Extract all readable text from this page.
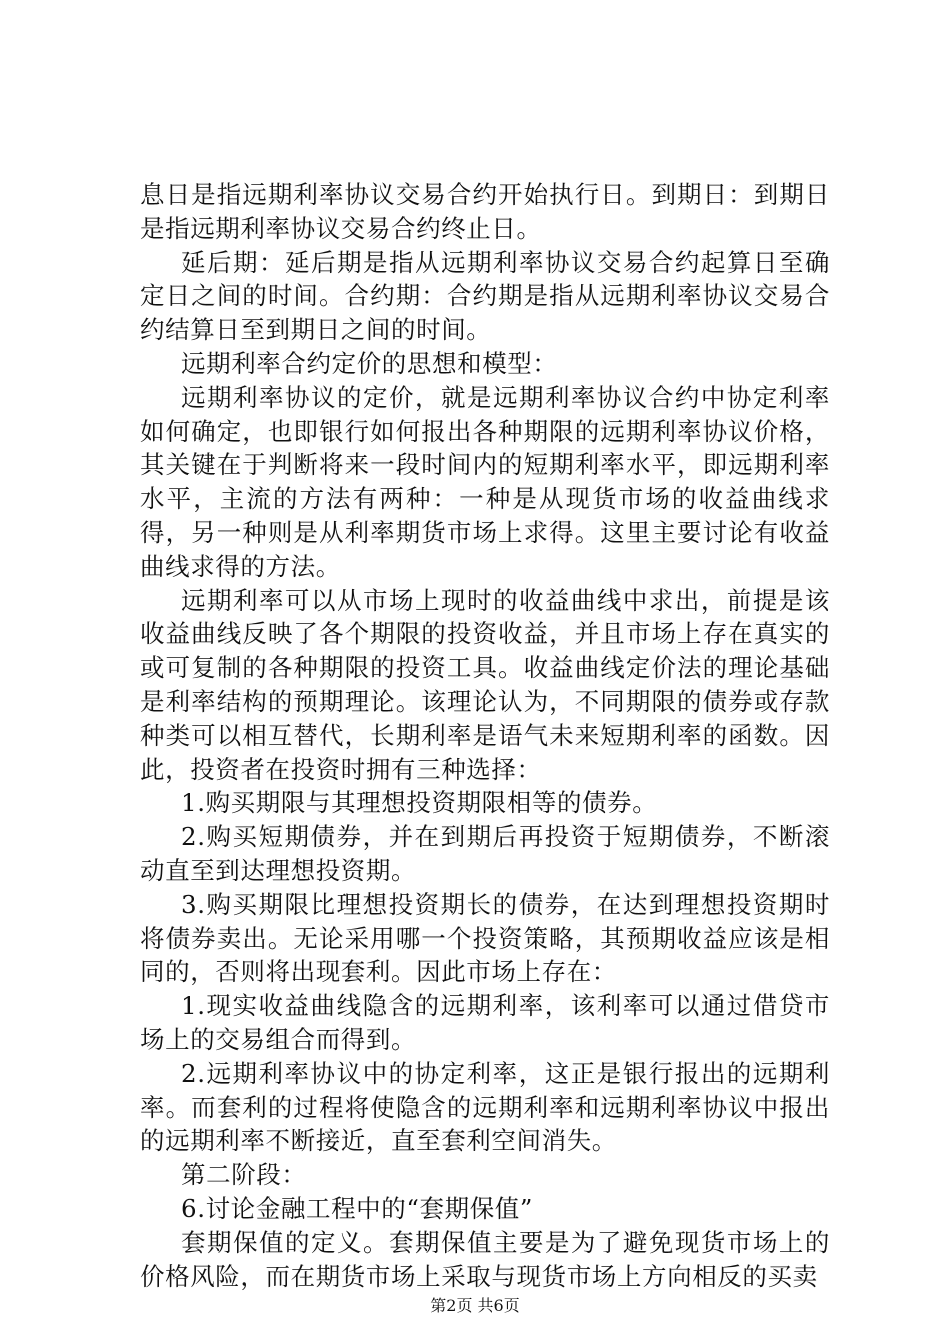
息日是指远期利率协议交易合约开始执行日。到期日：到期日是指远期利率协议交易合约终止日。

延后期：延后期是指从远期利率协议交易合约起算日至确定日之间的时间。合约期：合约期是指从远期利率协议交易合约结算日至到期日之间的时间。

远期利率合约定价的思想和模型：

远期利率协议的定价，就是远期利率协议合约中协定利率如何确定，也即银行如何报出各种期限的远期利率协议价格，其关键在于判断将来一段时间内的短期利率水平，即远期利率水平，主流的方法有两种：一种是从现货市场的收益曲线求得，另一种则是从利率期货市场上求得。这里主要讨论有收益曲线求得的方法。

远期利率可以从市场上现时的收益曲线中求出，前提是该收益曲线反映了各个期限的投资收益，并且市场上存在真实的或可复制的各种期限的投资工具。收益曲线定价法的理论基础是利率结构的预期理论。该理论认为，不同期限的债券或存款种类可以相互替代，长期利率是语气未来短期利率的函数。因此，投资者在投资时拥有三种选择：

1.购买期限与其理想投资期限相等的债券。

2.购买短期债券，并在到期后再投资于短期债券，不断滚动直至到达理想投资期。

3.购买期限比理想投资期长的债券，在达到理想投资期时将债券卖出。无论采用哪一个投资策略，其预期收益应该是相同的，否则将出现套利。因此市场上存在：

1.现实收益曲线隐含的远期利率，该利率可以通过借贷市场上的交易组合而得到。

2.远期利率协议中的协定利率，这正是银行报出的远期利率。而套利的过程将使隐含的远期利率和远期利率协议中报出的远期利率不断接近，直至套利空间消失。

第二阶段：

6.讨论金融工程中的“套期保值”

套期保值的定义。套期保值主要是为了避免现货市场上的价格风险，而在期货市场上采取与现货市场上方向相反的买卖

第2页 共6页
